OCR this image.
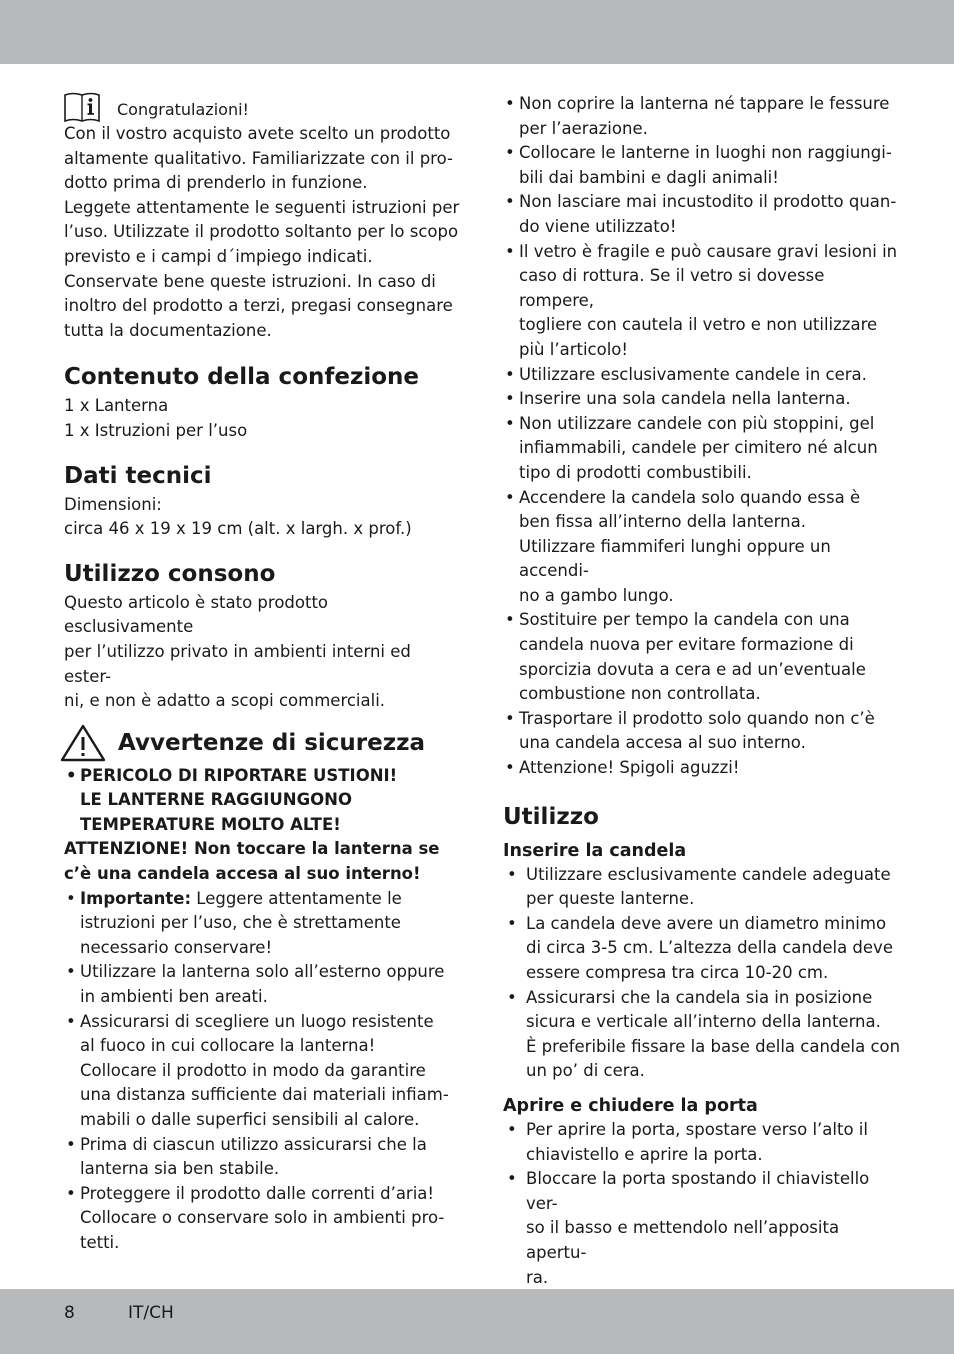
Congratulazioni!

Con il vostro acquisto avete scelto un prodotto
altamente qualitativo. Familiarizzate con il pro-
dotto prima di prenderlo in funzione.
Leggete attentamente le seguenti istruzioni per
l’uso. Utilizzate il prodotto soltanto per lo scopo
previsto e i campi d´impiego indicati.
Conservate bene queste istruzioni. In caso di
inoltro del prodotto a terzi, pregasi consegnare
tutta la documentazione.

Contenuto della confezione

1 x Lanterna
1 x Istruzioni per l’uso

Dati tecnici

Dimensioni:
circa 46 x 19 x 19 cm (alt. x largh. x prof.)

Utilizzo consono

Questo articolo è stato prodotto esclusivamente
per l’utilizzo privato in ambienti interni ed ester-
ni, e non è adatto a scopi commerciali.

Avvertenze di sicurezza
• PERICOLO DI RIPORTARE USTIONI!
LE LANTERNE RAGGIUNGONO
TEMPERATURE MOLTO ALTE!

ATTENZIONE! Non toccare la lanterna se
c’è una candela accesa al suo interno!

• Importante: Leggere attentamente le
istruzioni per l’uso, che è strettamente
necessario conservare!
• Utilizzare la lanterna solo all’esterno oppure
in ambienti ben areati.
• Assicurarsi di scegliere un luogo resistente
al fuoco in cui collocare la lanterna!
Collocare il prodotto in modo da garantire
una distanza sufficiente dai materiali infiam-
mabili o dalle superfici sensibili al calore.
• Prima di ciascun utilizzo assicurarsi che la
lanterna sia ben stabile.
• Proteggere il prodotto dalle correnti d’aria!
Collocare o conservare solo in ambienti pro-
tetti.
• Non coprire la lanterna né tappare le fessure
per l’aerazione.
• Collocare le lanterne in luoghi non raggiungi-
bili dai bambini e dagli animali!
• Non lasciare mai incustodito il prodotto quan-
do viene utilizzato!
• Il vetro è fragile e può causare gravi lesioni in
caso di rottura. Se il vetro si dovesse rompere,
togliere con cautela il vetro e non utilizzare
più l’articolo!
• Utilizzare esclusivamente candele in cera.
• Inserire una sola candela nella lanterna.
• Non utilizzare candele con più stoppini, gel
infiammabili, candele per cimitero né alcun
tipo di prodotti combustibili.
• Accendere la candela solo quando essa è
ben fissa all’interno della lanterna.
Utilizzare fiammiferi lunghi oppure un accendi-
no a gambo lungo.
• Sostituire per tempo la candela con una
candela nuova per evitare formazione di
sporcizia dovuta a cera e ad un’eventuale
combustione non controllata.
• Trasportare il prodotto solo quando non c’è
una candela accesa al suo interno.
• Attenzione! Spigoli aguzzi!
Utilizzo
Inserire la candela
• Utilizzare esclusivamente candele adeguate
per queste lanterne.
• La candela deve avere un diametro minimo
di circa 3-5 cm. L’altezza della candela deve
essere compresa tra circa 10-20 cm.
• Assicurarsi che la candela sia in posizione
sicura e verticale all’interno della lanterna.
È preferibile fissare la base della candela con
un po’ di cera.
Aprire e chiudere la porta
• Per aprire la porta, spostare verso l’alto il
chiavistello e aprire la porta.
• Bloccare la porta spostando il chiavistello ver-
so il basso e mettendolo nell’apposita apertu-
ra.
8	IT/CH
